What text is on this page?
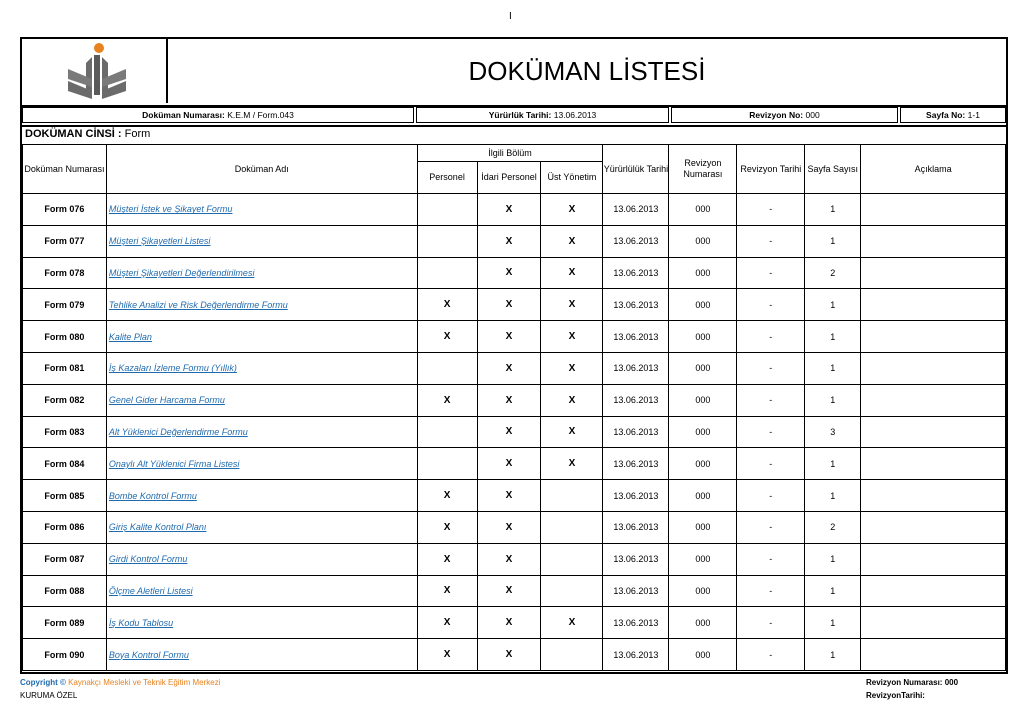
I
DOKÜMAN LİSTESİ
Doküman Numarası:
K.E.M / Form.043	Yürürlük Tarihi:
13.06.2013	Revizyon No:
000	Sayfa No:
1-1
DOKÜMAN CİNSİ : Form
Doküman Numarası	Doküman Adı	İlgili Bölüm			Yürürlülük Tarihi	Revizyon Numarası	Revizyon Tarihi	Sayfa Sayısı	Açıklama
		Personel	İdari Personel	Üst Yönetim					
Form 076	Müşteri İstek ve Şikayet Formu		X	X	13.06.2013	000	-	1	
Form 077	Müşteri Şikayetleri Listesi		X	X	13.06.2013	000	-	1	
Form 078	Müşteri Şikayetleri Değerlendirilmesi		X	X	13.06.2013	000	-	2	
Form 079	Tehlike Analizi ve Risk Değerlendirme Formu	X	X	X	13.06.2013	000	-	1	
Form 080	Kalite Plan	X	X	X	13.06.2013	000	-	1	
Form 081	İş Kazaları İzleme Formu (Yıllık)		X	X	13.06.2013	000	-	1	
Form 082	Genel Gider Harcama Formu	X	X	X	13.06.2013	000	-	1	
Form 083	Alt Yüklenici Değerlendirme Formu		X	X	13.06.2013	000	-	3	
Form 084	Onaylı Alt Yüklenici Firma Listesi		X	X	13.06.2013	000	-	1	
Form 085	Bombe Kontrol Formu	X	X		13.06.2013	000	-	1	
Form 086	Giriş Kalite Kontrol Planı	X	X		13.06.2013	000	-	2	
Form 087	Girdi Kontrol Formu	X	X		13.06.2013	000	-	1	
Form 088	Ölçme Aletleri Listesi	X	X		13.06.2013	000	-	1	
Form 089	İş Kodu Tablosu	X	X	X	13.06.2013	000	-	1	
Form 090	Boya Kontrol Formu	X	X		13.06.2013	000	-	1	
Copyright © Kaynakçı Mesleki ve Teknik Eğitim Merkezi
KURUMA ÖZEL
Revizyon Numarası: 000
RevizyonTarihi:
